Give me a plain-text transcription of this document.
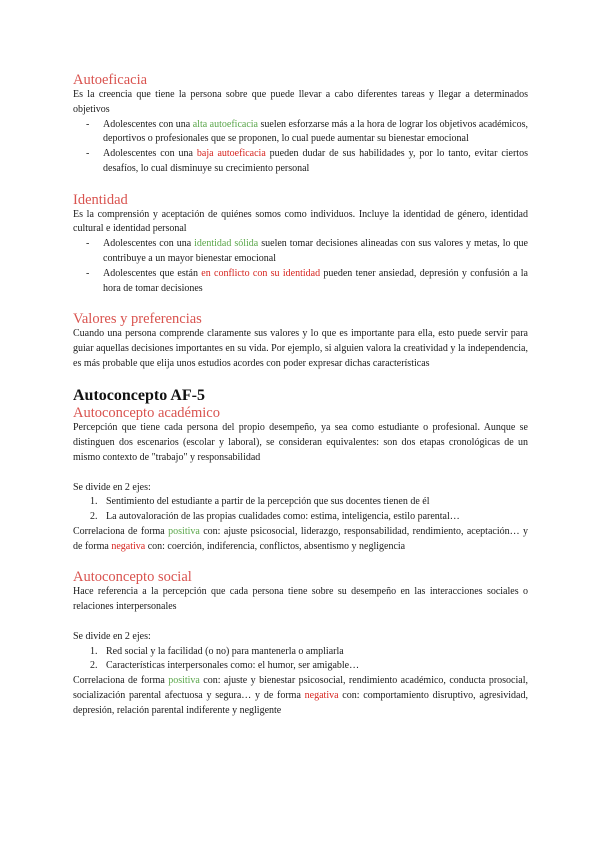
Autoeficacia

Es la creencia que tiene la persona sobre que puede llevar a cabo diferentes tareas y llegar a determinados objetivos

- Adolescentes con una alta autoeficacia suelen esforzarse más a la hora de lograr los objetivos académicos, deportivos o profesionales que se proponen, lo cual puede aumentar su bienestar emocional
- Adolescentes con una baja autoeficacia pueden dudar de sus habilidades y, por lo tanto, evitar ciertos desafíos, lo cual disminuye su crecimiento personal
Identidad

Es la comprensión y aceptación de quiénes somos como individuos. Incluye la identidad de género, identidad cultural e identidad personal

- Adolescentes con una identidad sólida suelen tomar decisiones alineadas con sus valores y metas, lo que contribuye a un mayor bienestar emocional
- Adolescentes que están en conflicto con su identidad pueden tener ansiedad, depresión y confusión a la hora de tomar decisiones
Valores y preferencias

Cuando una persona comprende claramente sus valores y lo que es importante para ella, esto puede servir para guiar aquellas decisiones importantes en su vida. Por ejemplo, si alguien valora la creatividad y la independencia, es más probable que elija unos estudios acordes con poder expresar dichas características

Autoconcepto AF-5
Autoconcepto académico

Percepción que tiene cada persona del propio desempeño, ya sea como estudiante o profesional. Aunque se distinguen dos escenarios (escolar y laboral), se consideran equivalentes: son dos etapas cronológicas de un mismo contexto de "trabajo" y responsabilidad

Se divide en 2 ejes:

1. Sentimiento del estudiante a partir de la percepción que sus docentes tienen de él
2. La autovaloración de las propias cualidades como: estima, inteligencia, estilo parental…

Correlaciona de forma positiva con: ajuste psicosocial, liderazgo, responsabilidad, rendimiento, aceptación… y de forma negativa con: coerción, indiferencia, conflictos, absentismo y negligencia

Autoconcepto social

Hace referencia a la percepción que cada persona tiene sobre su desempeño en las interacciones sociales o relaciones interpersonales

Se divide en 2 ejes:

1. Red social y la facilidad (o no) para mantenerla o ampliarla
2. Características interpersonales como: el humor, ser amigable…

Correlaciona de forma positiva con: ajuste y bienestar psicosocial, rendimiento académico, conducta prosocial, socialización parental afectuosa y segura… y de forma negativa con: comportamiento disruptivo, agresividad, depresión, relación parental indiferente y negligente
